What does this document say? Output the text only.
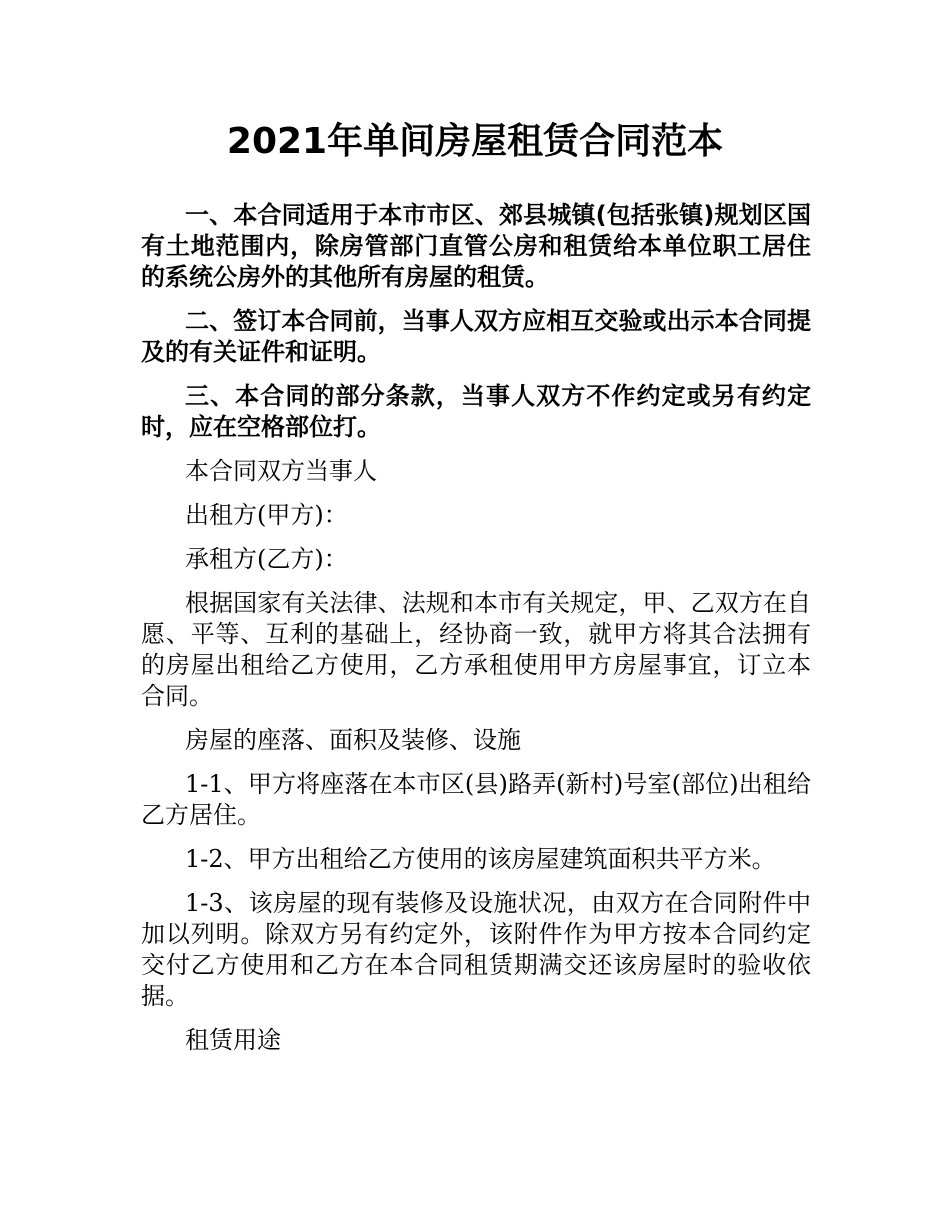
2021年单间房屋租赁合同范本

一、本合同适用于本市市区、郊县城镇(包括张镇)规划区国有土地范围内，除房管部门直管公房和租赁给本单位职工居住的系统公房外的其他所有房屋的租赁。

二、签订本合同前，当事人双方应相互交验或出示本合同提及的有关证件和证明。

三、本合同的部分条款，当事人双方不作约定或另有约定时，应在空格部位打。

本合同双方当事人

出租方(甲方)：

承租方(乙方)：

根据国家有关法律、法规和本市有关规定，甲、乙双方在自愿、平等、互利的基础上，经协商一致，就甲方将其合法拥有的房屋出租给乙方使用，乙方承租使用甲方房屋事宜，订立本合同。

房屋的座落、面积及装修、设施

1-1、甲方将座落在本市区(县)路弄(新村)号室(部位)出租给乙方居住。

1-2、甲方出租给乙方使用的该房屋建筑面积共平方米。

1-3、该房屋的现有装修及设施状况，由双方在合同附件中加以列明。除双方另有约定外，该附件作为甲方按本合同约定交付乙方使用和乙方在本合同租赁期满交还该房屋时的验收依据。

租赁用途
